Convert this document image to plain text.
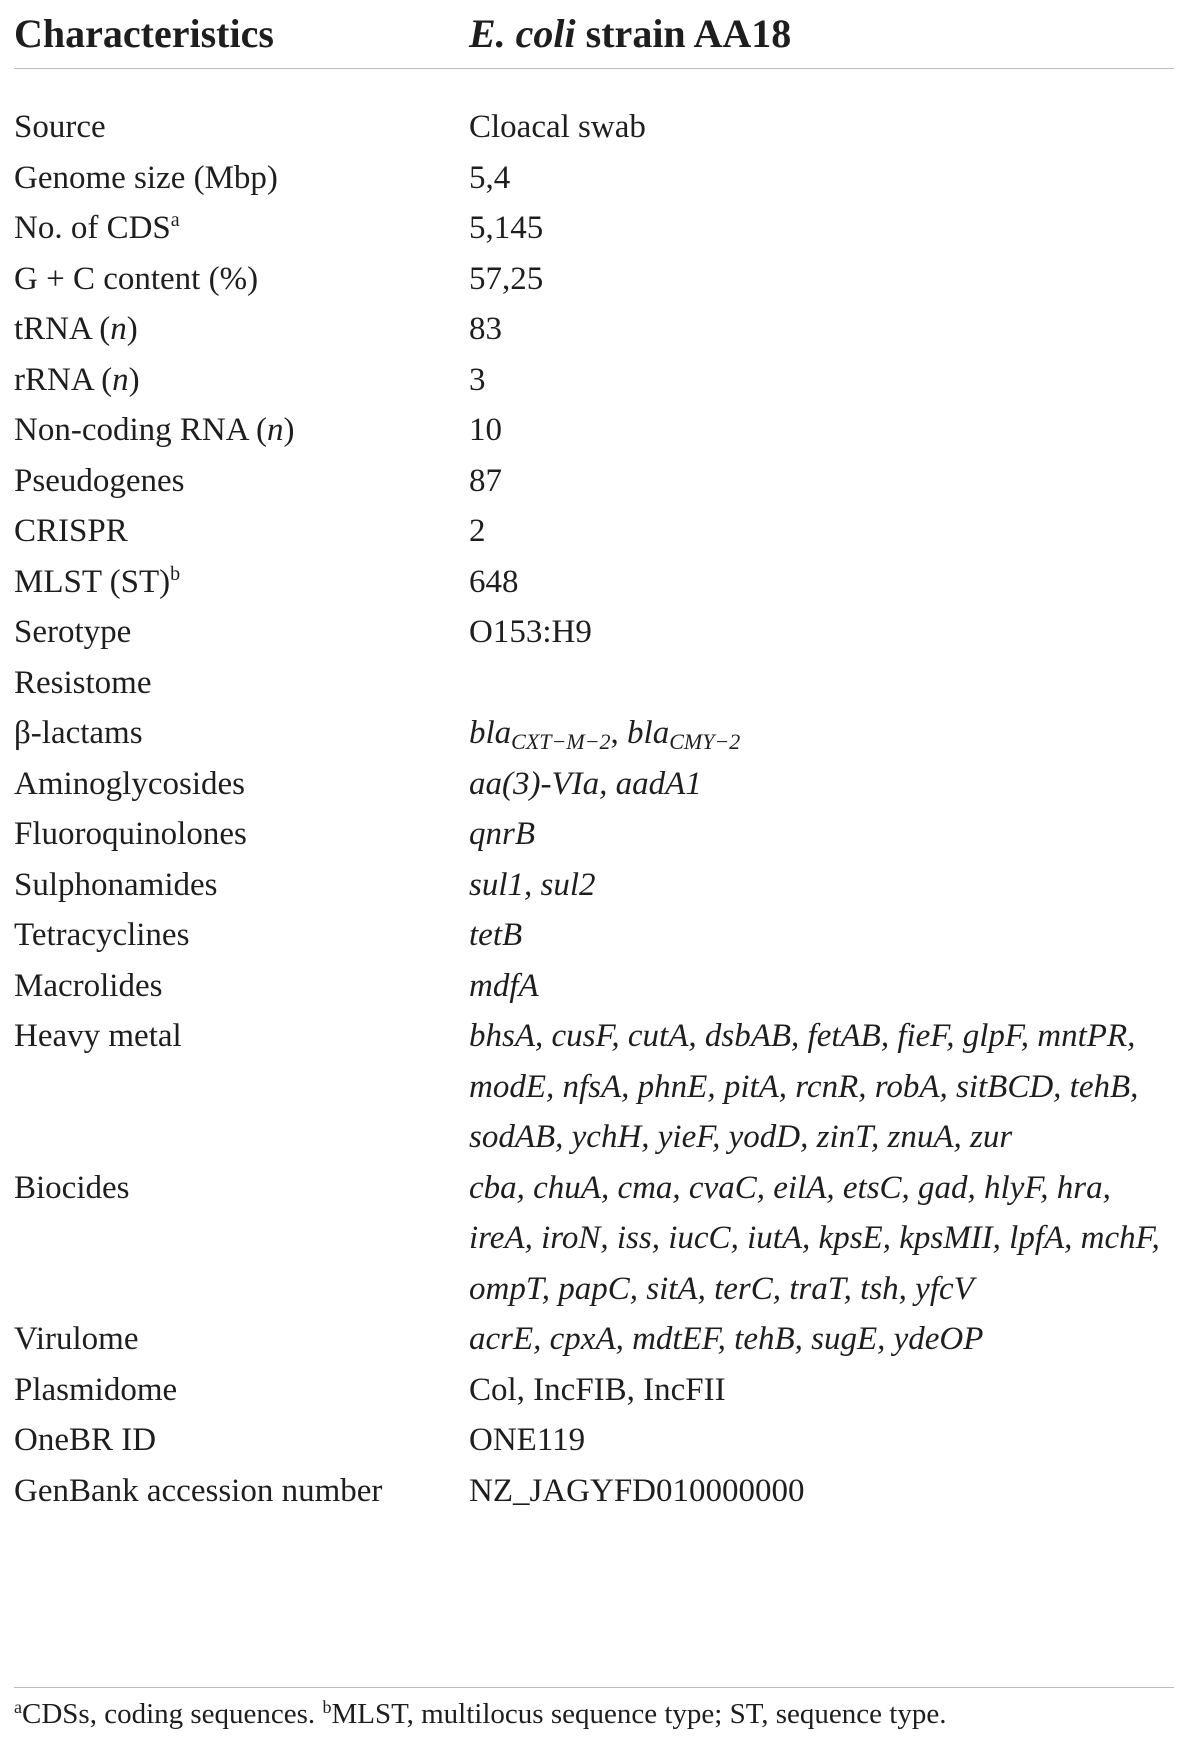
Characteristics	E. coli strain AA18
Source	Cloacal swab
Genome size (Mbp)	5,4
No. of CDS$^a$	5,145
G + C content (%)	57,25
tRNA (n)	83
rRNA (n)	3
Non-coding RNA (n)	10
Pseudogenes	87
CRISPR	2
MLST (ST)$^b$	648
Serotype	O153:H9
Resistome

β-lactams	bla$_{CXT-M-2}$, bla$_{CMY-2}$
Aminoglycosides	aa(3)-VIa, aadA1
Fluoroquinolones	qnrB
Sulphonamides	sul1, sul2
Tetracyclines	tetB
Macrolides	mdfA
Heavy metal	bhsA, cusF, cutA, dsbAB, fetAB, fieF, glpF, mntPR,
modE, nfsA, phnE, pitA, rcnR, robA, sitBCD, tehB,
sodAB, ychH, yieF, yodD, zinT, znuA, zur
Biocides	cba, chuA, cma, cvaC, eilA, etsC, gad, hlyF, hra,
ireA, iroN, iss, iucC, iutA, kpsE, kpsMII, lpfA, mchF,
ompT, papC, sitA, terC, traT, tsh, yfcV
Virulome	acrE, cpxA, mdtEF, tehB, sugE, ydeOP
Plasmidome	Col, IncFIB, IncFII
OneBR ID	ONE119
GenBank accession number	NZ_JAGYFD010000000
$^a$CDSs, coding sequences. $^b$MLST, multilocus sequence type; ST, sequence type.
